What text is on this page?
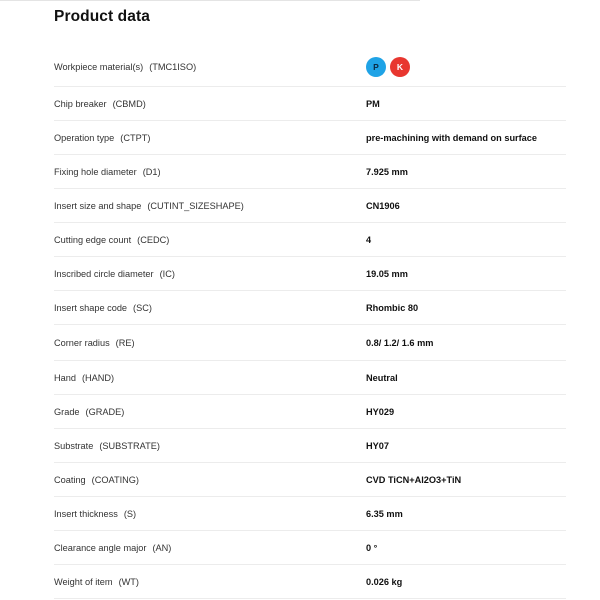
Product data
Workpiece material(s) (TMC1ISO)	P	K
Chip breaker (CBMD)	PM
Operation type (CTPT)	pre-machining with demand on surface
Fixing hole diameter (D1)	7.925 mm
Insert size and shape (CUTINT_SIZESHAPE)	CN1906
Cutting edge count (CEDC)	4
Inscribed circle diameter (IC)	19.05 mm
Insert shape code (SC)	Rhombic 80
Corner radius (RE)	0.8/ 1.2/ 1.6 mm
Hand (HAND)	Neutral
Grade (GRADE)	HY029
Substrate (SUBSTRATE)	HY07
Coating (COATING)	CVD TiCN+Al2O3+TiN
Insert thickness (S)	6.35 mm
Clearance angle major (AN)	0 °
Weight of item (WT)	0.026 kg
